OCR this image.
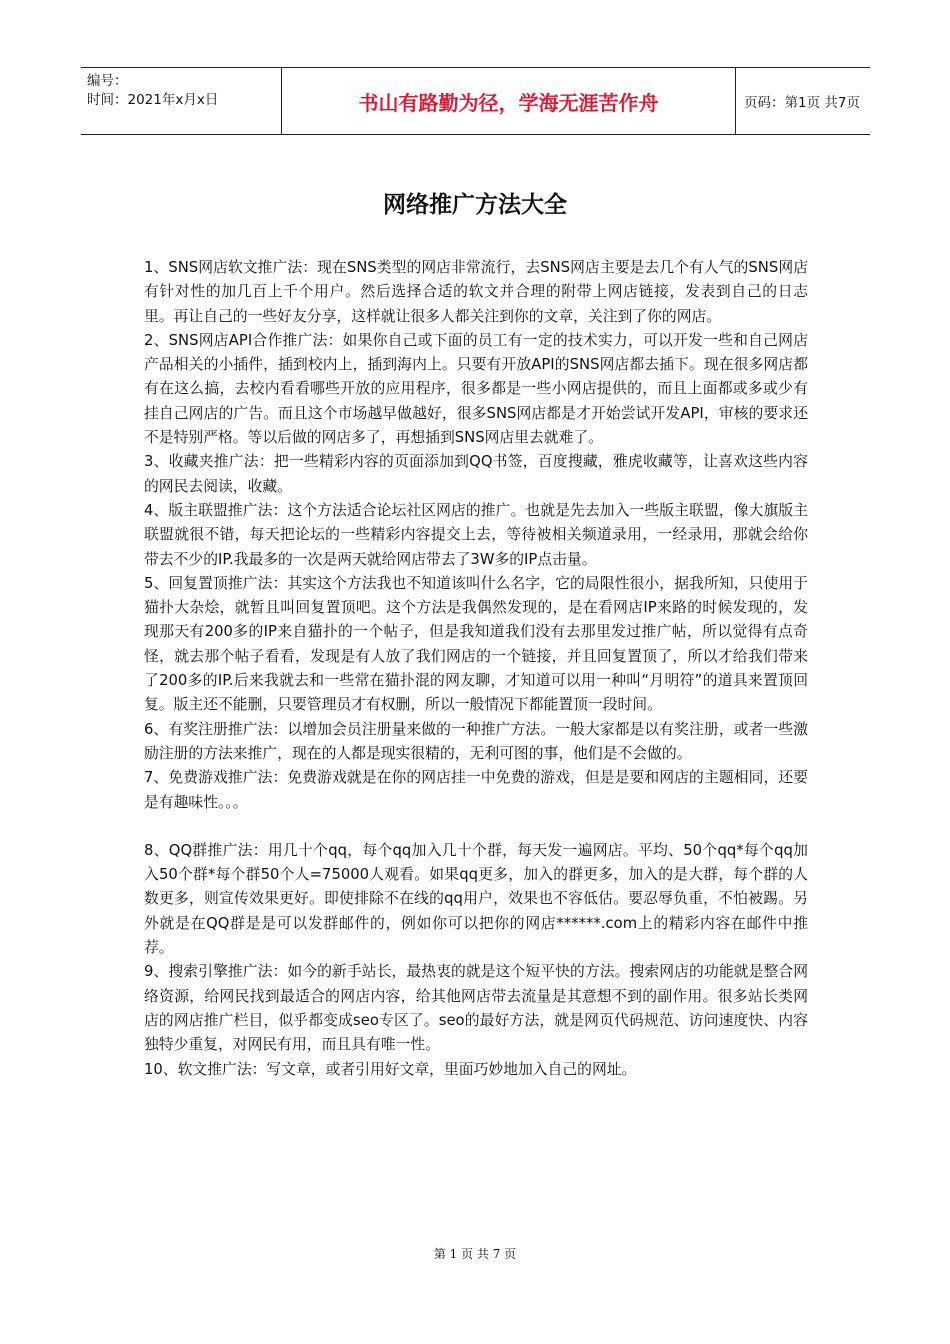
编号：
时间：2021年x月x日	书山有路勤为径，学海无涯苦作舟	页码：第1页 共7页
网络推广方法大全

1、SNS网店软文推广法：现在SNS类型的网店非常流行，去SNS网店主要是去几个有人气的SNS网店有针对性的加几百上千个用户。然后选择合适的软文并合理的附带上网店链接，发表到自己的日志里。再让自己的一些好友分享，这样就让很多人都关注到你的文章，关注到了你的网店。

2、SNS网店API合作推广法：如果你自己或下面的员工有一定的技术实力，可以开发一些和自己网店产品相关的小插件，插到校内上，插到海内上。只要有开放API的SNS网店都去插下。现在很多网店都有在这么搞，去校内看看哪些开放的应用程序，很多都是一些小网店提供的，而且上面都或多或少有挂自己网店的广告。而且这个市场越早做越好，很多SNS网店都是才开始尝试开发API，审核的要求还不是特别严格。等以后做的网店多了，再想插到SNS网店里去就难了。

3、收藏夹推广法：把一些精彩内容的页面添加到QQ书签，百度搜藏，雅虎收藏等，让喜欢这些内容的网民去阅读，收藏。

4、版主联盟推广法：这个方法适合论坛社区网店的推广。也就是先去加入一些版主联盟，像大旗版主联盟就很不错，每天把论坛的一些精彩内容提交上去，等待被相关频道录用，一经录用，那就会给你带去不少的IP.我最多的一次是两天就给网店带去了3W多的IP点击量。

5、回复置顶推广法：其实这个方法我也不知道该叫什么名字，它的局限性很小，据我所知，只使用于猫扑大杂烩，就暂且叫回复置顶吧。这个方法是我偶然发现的，是在看网店IP来路的时候发现的，发现那天有200多的IP来自猫扑的一个帖子，但是我知道我们没有去那里发过推广帖，所以觉得有点奇怪，就去那个帖子看看，发现是有人放了我们网店的一个链接，并且回复置顶了，所以才给我们带来了200多的IP.后来我就去和一些常在猫扑混的网友聊，才知道可以用一种叫“月明符”的道具来置顶回复。版主还不能删，只要管理员才有权删，所以一般情况下都能置顶一段时间。

6、有奖注册推广法：以增加会员注册量来做的一种推广方法。一般大家都是以有奖注册，或者一些激励注册的方法来推广，现在的人都是现实很精的，无利可图的事，他们是不会做的。

7、免费游戏推广法：免费游戏就是在你的网店挂一中免费的游戏，但是是要和网店的主题相同，还要是有趣味性。。。

8、QQ群推广法：用几十个qq，每个qq加入几十个群，每天发一遍网店。平均、50个qq*每个qq加入50个群*每个群50个人=75000人观看。如果qq更多，加入的群更多，加入的是大群，每个群的人数更多，则宣传效果更好。即使排除不在线的qq用户，效果也不容低估。要忍辱负重，不怕被踢。另外就是在QQ群是是可以发群邮件的，例如你可以把你的网店******.com上的精彩内容在邮件中推荐。

9、搜索引擎推广法：如今的新手站长，最热衷的就是这个短平快的方法。搜索网店的功能就是整合网络资源，给网民找到最适合的网店内容，给其他网店带去流量是其意想不到的副作用。很多站长类网店的网店推广栏目，似乎都变成seo专区了。seo的最好方法，就是网页代码规范、访问速度快、内容独特少重复，对网民有用，而且具有唯一性。

10、软文推广法：写文章，或者引用好文章，里面巧妙地加入自己的网址。

第 1 页 共 7 页
